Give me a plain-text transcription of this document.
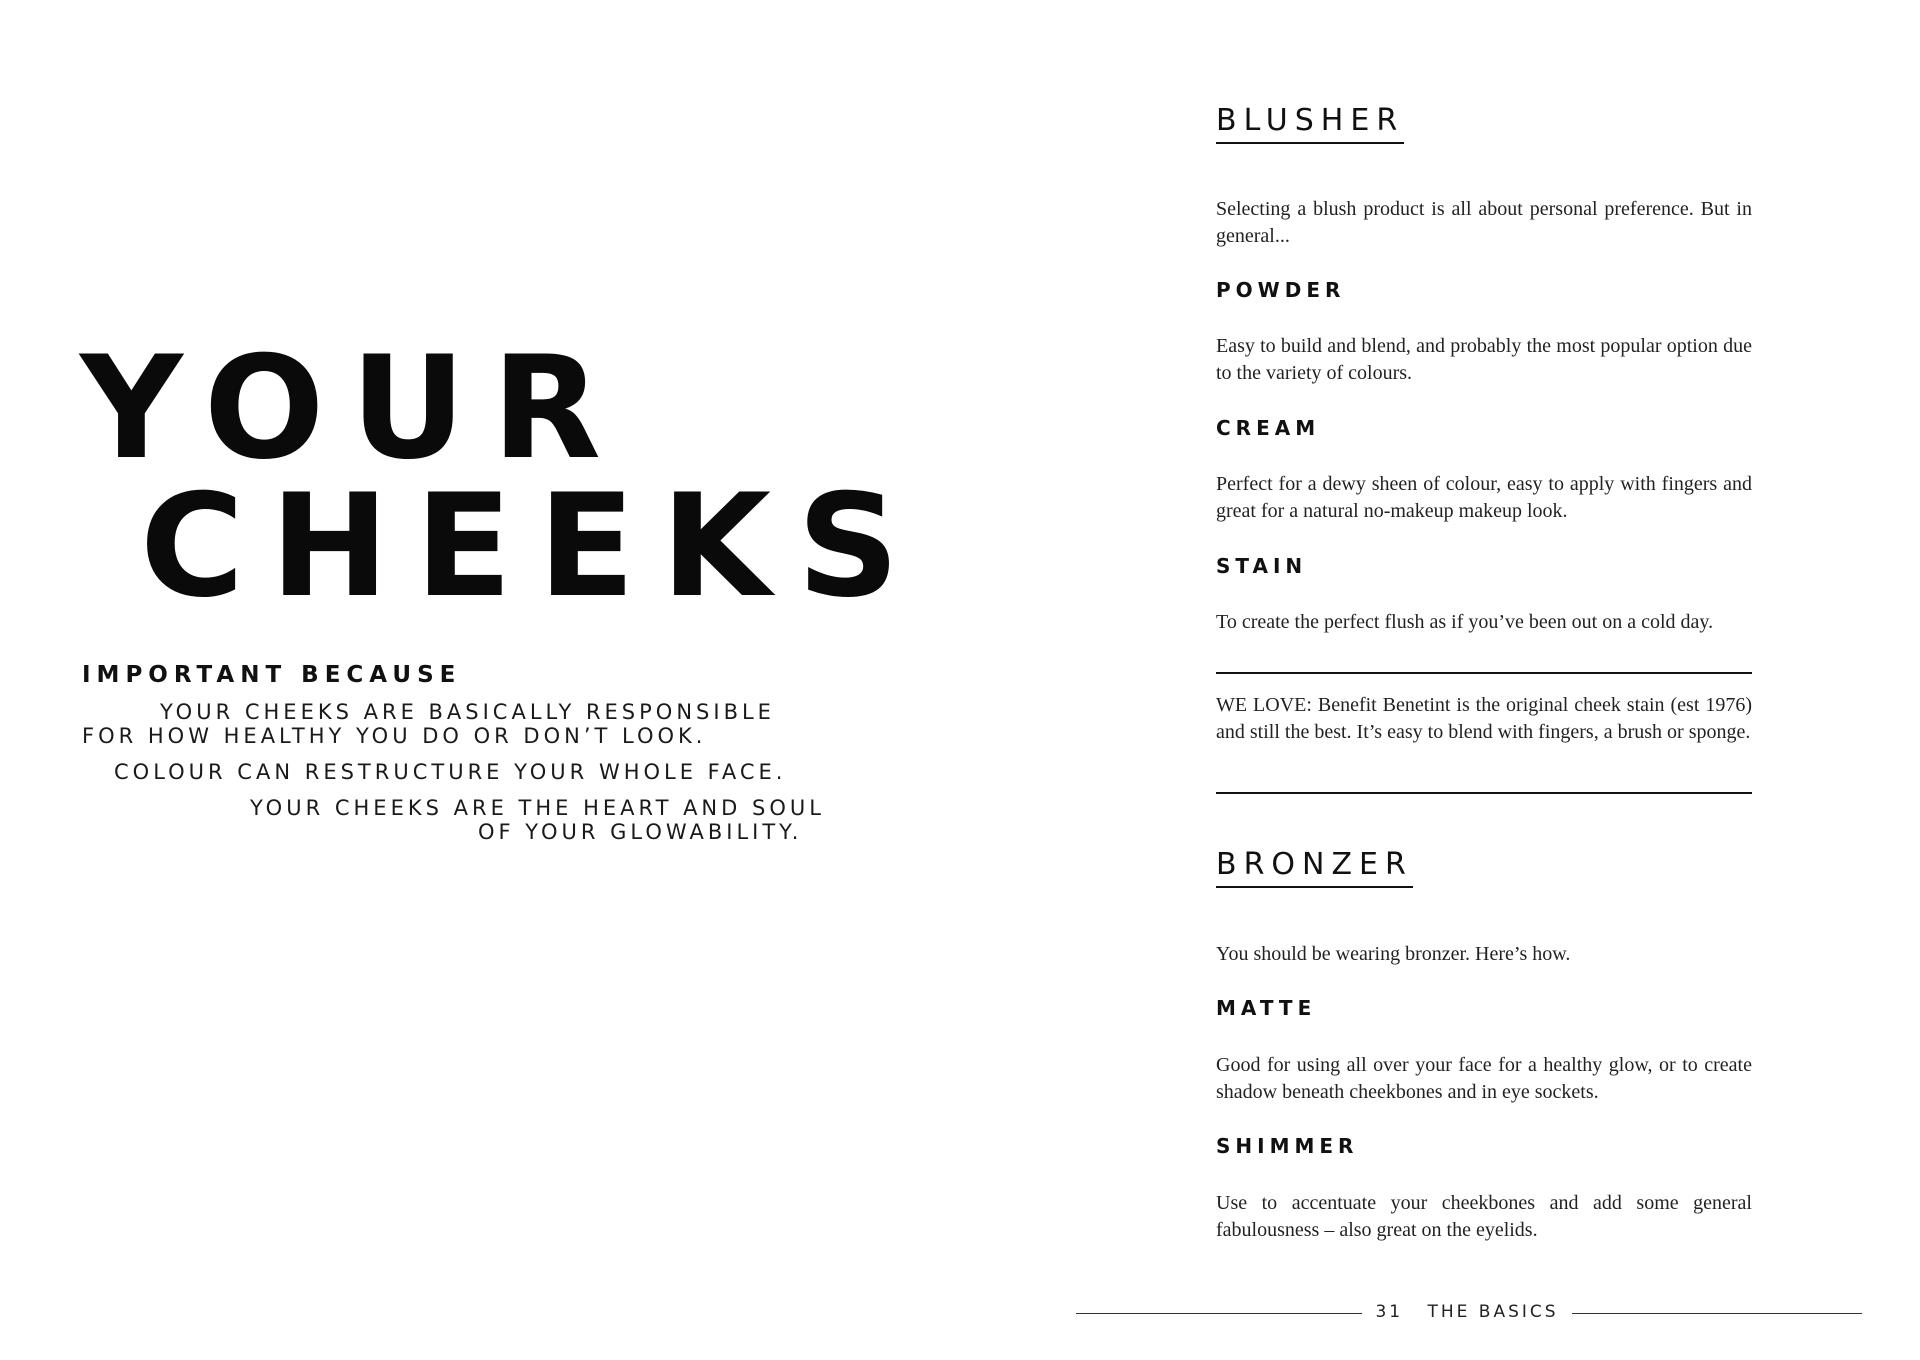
YOUR
CHEEKS
IMPORTANT BECAUSE

YOUR CHEEKS ARE BASICALLY RESPONSIBLE

FOR HOW HEALTHY YOU DO OR DON’T LOOK.

COLOUR CAN RESTRUCTURE YOUR WHOLE FACE.

YOUR CHEEKS ARE THE HEART AND SOUL

OF YOUR GLOWABILITY.

BLUSHER

Selecting a blush product is all about personal preference. But in general...

POWDER

Easy to build and blend, and probably the most popular option due to the variety of colours.

CREAM

Perfect for a dewy sheen of colour, easy to apply with fingers and great for a natural no-makeup makeup look.

STAIN

To create the perfect flush as if you’ve been out on a cold day.

WE LOVE: Benefit Benetint is the original cheek stain (est 1976) and still the best. It’s easy to blend with fingers, a brush or sponge.

BRONZER

You should be wearing bronzer. Here’s how.

MATTE

Good for using all over your face for a healthy glow, or to create shadow beneath cheekbones and in eye sockets.

SHIMMER

Use to accentuate your cheekbones and add some general fabulousness – also great on the eyelids.

31 THE BASICS
